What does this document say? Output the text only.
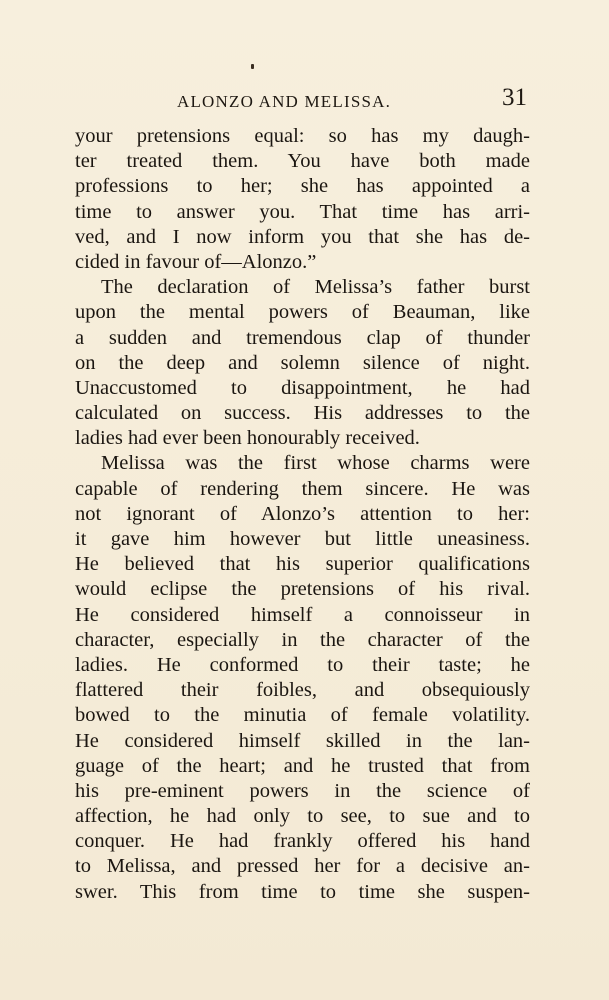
ALONZO AND MELISSA.	31
your pretensions equal: so has my daugh-
ter treated them. You have both made
professions to her; she has appointed a
time to answer you. That time has arri-
ved, and I now inform you that she has de-
cided in favour of—Alonzo.”
The declaration of Melissa’s father burst
upon the mental powers of Beauman, like
a sudden and tremendous clap of thunder
on the deep and solemn silence of night.
Unaccustomed to disappointment, he had
calculated on success. His addresses to the
ladies had ever been honourably received.
Melissa was the first whose charms were
capable of rendering them sincere. He was
not ignorant of Alonzo’s attention to her:
it gave him however but little uneasiness.
He believed that his superior qualifications
would eclipse the pretensions of his rival.
He considered himself a connoisseur in
character, especially in the character of the
ladies. He conformed to their taste; he
flattered their foibles, and obsequiously
bowed to the minutia of female volatility.
He considered himself skilled in the lan-
guage of the heart; and he trusted that from
his pre-eminent powers in the science of
affection, he had only to see, to sue and to
conquer. He had frankly offered his hand
to Melissa, and pressed her for a decisive an-
swer. This from time to time she suspen-
